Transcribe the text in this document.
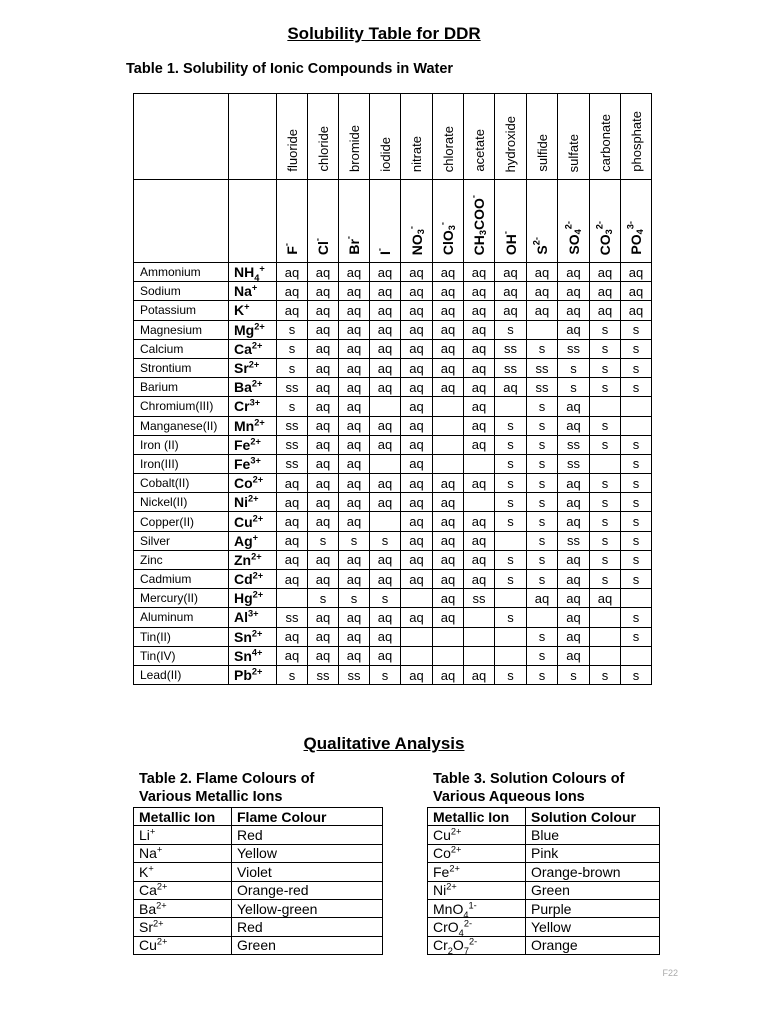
Solubility Table for DDR
Table 1. Solubility of Ionic Compounds in Water
		fluoride	chloride	bromide	iodide	nitrate	chlorate	acetate	hydroxide	sulfide	sulfate	carbonate	phosphate
		F-	Cl-	Br-	I-	$NO_3^-$	ClO$_3$-	$CH_3COO^-$	OH-	$S^{2-}$	$SO_4^{2-}$	$CO_3^{2-}$	$PO_4^{3-}$
Ammonium	$NH_4^+$	aq	aq	aq	aq	aq	aq	aq	aq	aq	aq	aq	aq
Sodium	Na+	aq	aq	aq	aq	aq	aq	aq	aq	aq	aq	aq	aq
Potassium	K+	aq	aq	aq	aq	aq	aq	aq	aq	aq	aq	aq	aq
Magnesium	$Mg^{2+}$	s	aq	aq	aq	aq	aq	aq	s		aq	s	s
Calcium	$Ca^{2+}$	s	aq	aq	aq	aq	aq	aq	ss	s	ss	s	s
Strontium	$Sr^{2+}$	s	aq	aq	aq	aq	aq	aq	ss	ss	s	s	s
Barium	$Ba^{2+}$	ss	aq	aq	aq	aq	aq	aq	aq	ss	s	s	s
Chromium(III)	$Cr^{3+}$	s	aq	aq		aq		aq		s	aq		
Manganese(II)	$Mn^{2+}$	ss	aq	aq	aq	aq		aq	s	s	aq	s	
Iron (II)	$Fe^{2+}$	ss	aq	aq	aq	aq		aq	s	s	ss	s	s
Iron(III)	$Fe^{3+}$	ss	aq	aq		aq			s	s	ss		s
Cobalt(II)	$Co^{2+}$	aq	aq	aq	aq	aq	aq	aq	s	s	aq	s	s
Nickel(II)	$Ni^{2+}$	aq	aq	aq	aq	aq	aq		s	s	aq	s	s
Copper(II)	$Cu^{2+}$	aq	aq	aq		aq	aq	aq	s	s	aq	s	s
Silver	Ag+	aq	s	s	s	aq	aq	aq		s	ss	s	s
Zinc	$Zn^{2+}$	aq	aq	aq	aq	aq	aq	aq	s	s	aq	s	s
Cadmium	$Cd^{2+}$	aq	aq	aq	aq	aq	aq	aq	s	s	aq	s	s
Mercury(II)	$Hg^{2+}$		s	s	s		aq	ss		aq	aq	aq	
Aluminum	$Al^{3+}$	ss	aq	aq	aq	aq	aq		s		aq		s
Tin(II)	$Sn^{2+}$	aq	aq	aq	aq					s	aq		s
Tin(IV)	$Sn^{4+}$	aq	aq	aq	aq					s	aq		
Lead(II)	$Pb^{2+}$	s	ss	ss	s	aq	aq	aq	s	s	s	s	s
Qualitative Analysis
Table 2. Flame Colours of
Various Metallic Ions
Table 3. Solution Colours of
Various Aqueous Ions
Metallic Ion	Flame Colour
Li+	Red
Na+	Yellow
K+	Violet
$Ca^{2+}$	Orange-red
$Ba^{2+}$	Yellow-green
$Sr^{2+}$	Red
$Cu^{2+}$	Green
Metallic Ion	Solution Colour
$Cu^{2+}$	Blue
$Co^{2+}$	Pink
$Fe^{2+}$	Orange-brown
$Ni^{2+}$	Green
MnO$_4^{1-}$	Purple
CrO$_4^{2-}$	Yellow
$Cr_2O_7^{2-}$	Orange
F22
